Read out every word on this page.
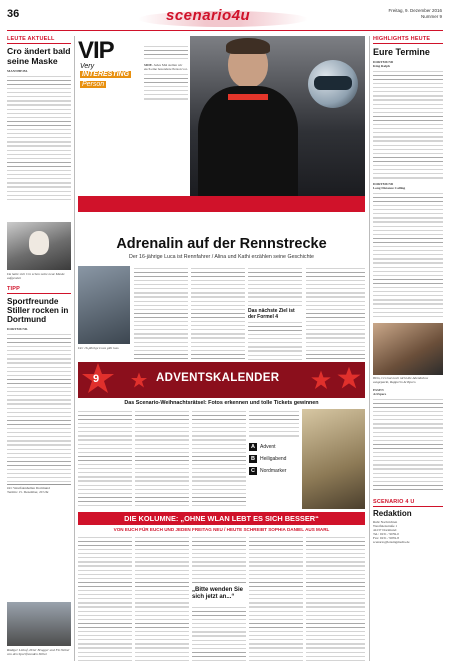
36	scenario4u	Freitag, 9. Dezember 2016
Nummer 9
LEUTE AKTUELL
Cro ändert bald seine Maske
MANNHEIM.
Da hatte sich Cro schon seine neue Maske aufgesetzt.
TIPP
Sportfreunde Stiller rocken in Dortmund
DORTMUND.
Ort: Westfalenhallen Dortmund
Termin: 15. Dezember, 20 Uhr
Rüdiger Linhof, Peter Brugger und Flo Weber von den Sportfreunden Stiller.
VIP
Very
INTERESTING
Person
SDIE. Jedes Mal stellen wir euch eine besondere Person vor.
Adrenalin auf der Rennstrecke
Der 16-jährige Luca ist Rennfahrer / Alina und Kathi erzählen seine Geschichte
Der 16-jährige Luca gibt Gas.
Das nächste Ziel ist der Formel 4
HIGHLIGHTS HEUTE
Eure Termine
DORTMUND
King Ralph
DORTMUND
Long Distance Calling
Hein, Cro hat noch nicht die Abendshow ausgepackt, Rapperin ArtSpecs.
ESSEN
ArtSpecs
SCENARIO 4 U
Redaktion
Ruhr Nachrichten
Westfalenstraße 1
44137 Dortmund
Tel.: 0231 / 9059-0
Fax: 0231 / 9059-8
scenario@lensingmedia.de
9	ADVENTSKALENDER
Das Scenario-Weihnachtsrätsel: Fotos erkennen und tolle Tickets gewinnen
A	Advent
B	Heiligabend
C	Nordmarker
DIE KOLUMNE: „OHNE WLAN LEBT ES SICH BESSER“
VON EUCH FÜR EUCH UND JEDEN FREITAG NEU / HEUTE SCHREIBT SOPHIA DANIEL AUS MARL
„Bitte wenden Sie sich jetzt an...“
